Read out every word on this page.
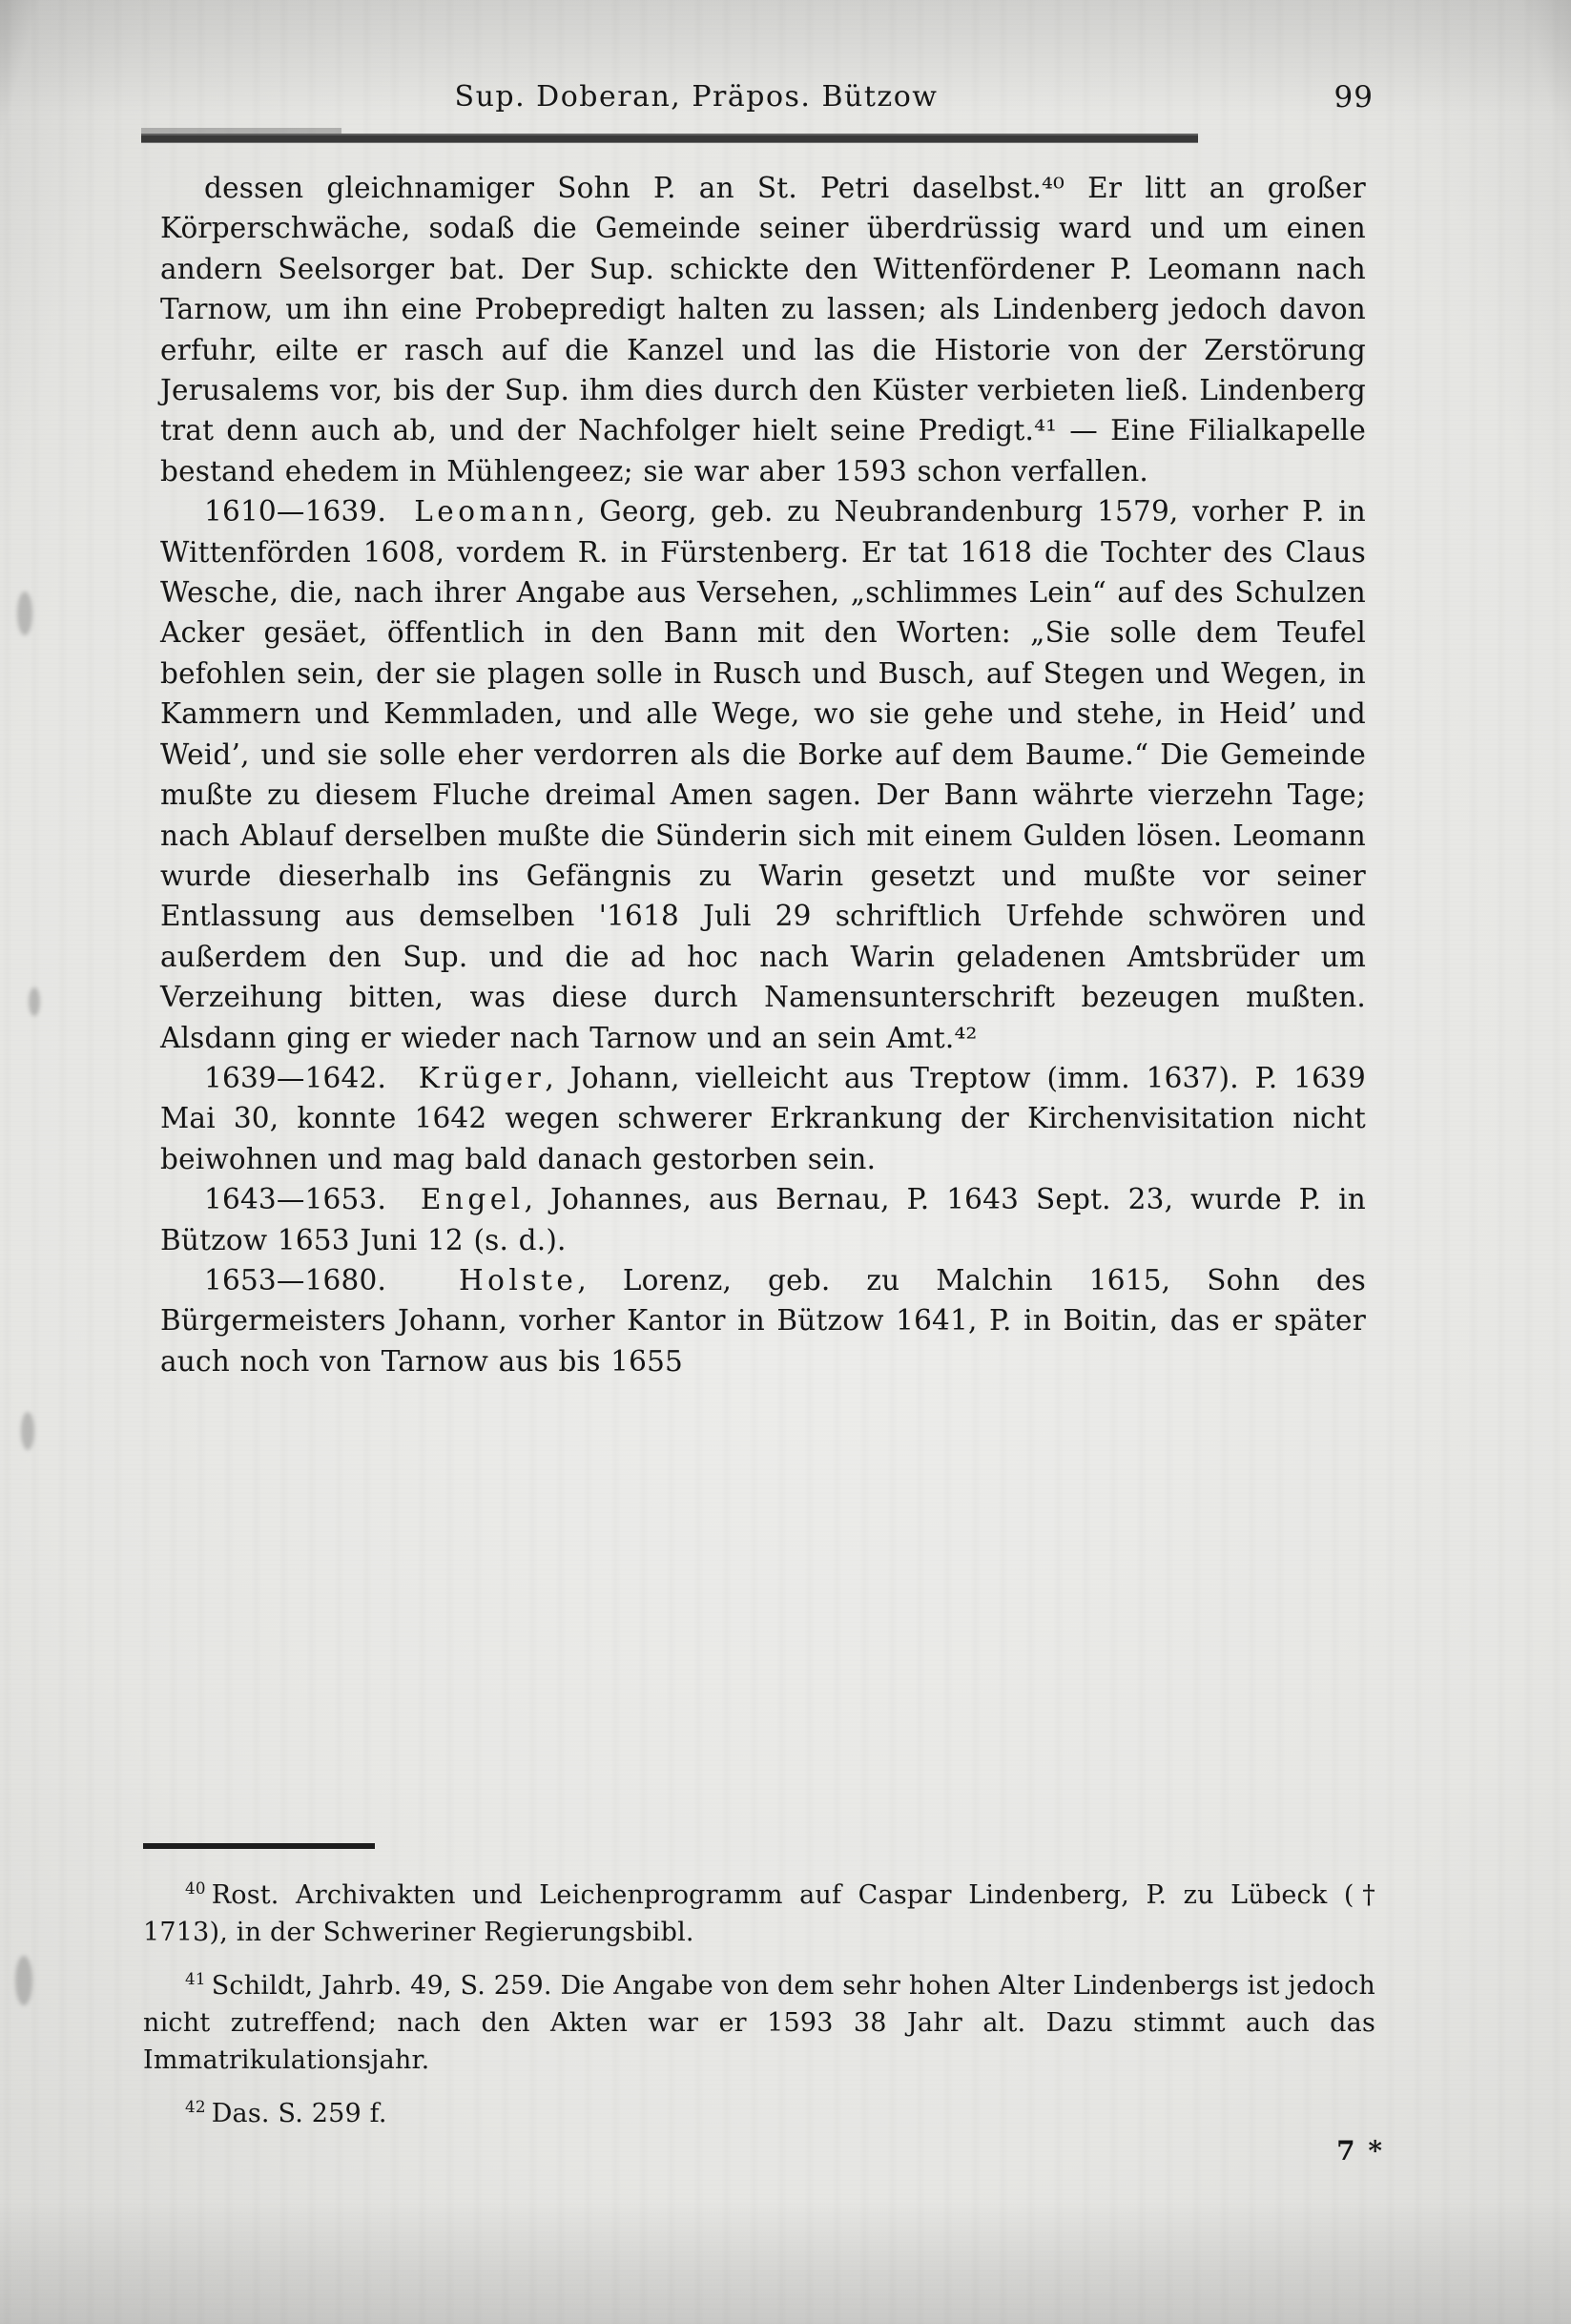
Sup. Doberan, Präpos. Bützow	99

dessen gleichnamiger Sohn P. an St. Petri daselbst.⁴⁰ Er litt an großer Körperschwäche, sodaß die Gemeinde seiner überdrüssig ward und um einen andern Seelsorger bat. Der Sup. schickte den Wittenfördener P. Leomann nach Tarnow, um ihn eine Probepredigt halten zu lassen; als Lindenberg jedoch davon erfuhr, eilte er rasch auf die Kanzel und las die Historie von der Zerstörung Jerusalems vor, bis der Sup. ihm dies durch den Küster verbieten ließ. Lindenberg trat denn auch ab, und der Nachfolger hielt seine Predigt.⁴¹ — Eine Filialkapelle bestand ehedem in Mühlengeez; sie war aber 1593 schon verfallen.

1610—1639. Leomann, Georg, geb. zu Neubrandenburg 1579, vorher P. in Wittenförden 1608, vordem R. in Fürstenberg. Er tat 1618 die Tochter des Claus Wesche, die, nach ihrer Angabe aus Versehen, „schlimmes Lein“ auf des Schulzen Acker gesäet, öffentlich in den Bann mit den Worten: „Sie solle dem Teufel befohlen sein, der sie plagen solle in Rusch und Busch, auf Stegen und Wegen, in Kammern und Kemmladen, und alle Wege, wo sie gehe und stehe, in Heid’ und Weid’, und sie solle eher verdorren als die Borke auf dem Baume.“ Die Gemeinde mußte zu diesem Fluche dreimal Amen sagen. Der Bann währte vierzehn Tage; nach Ablauf derselben mußte die Sünderin sich mit einem Gulden lösen. Leomann wurde dieserhalb ins Gefängnis zu Warin gesetzt und mußte vor seiner Entlassung aus demselben '1618 Juli 29 schriftlich Urfehde schwören und außerdem den Sup. und die ad hoc nach Warin geladenen Amtsbrüder um Verzeihung bitten, was diese durch Namensunterschrift bezeugen mußten. Alsdann ging er wieder nach Tarnow und an sein Amt.⁴²

1639—1642. Krüger, Johann, vielleicht aus Treptow (imm. 1637). P. 1639 Mai 30, konnte 1642 wegen schwerer Erkrankung der Kirchenvisitation nicht beiwohnen und mag bald danach gestorben sein.

1643—1653. Engel, Johannes, aus Bernau, P. 1643 Sept. 23, wurde P. in Bützow 1653 Juni 12 (s. d.).

1653—1680.	Holste, Lorenz, geb. zu Malchin 1615, Sohn des Bürgermeisters Johann, vorher Kantor in Bützow 1641, P. in Boitin, das er später auch noch von Tarnow aus bis 1655

$^{40}$ Rost. Archivakten und Leichenprogramm auf Caspar Lindenberg, P. zu Lübeck († 1713), in der Schweriner Regierungsbibl.

$^{41}$ Schildt, Jahrb. 49, S. 259. Die Angabe von dem sehr hohen Alter Lindenbergs ist jedoch nicht zutreffend; nach den Akten war er 1593 38 Jahr alt. Dazu stimmt auch das Immatrikulationsjahr.

$^{42}$ Das. S. 259 f.

7 *
